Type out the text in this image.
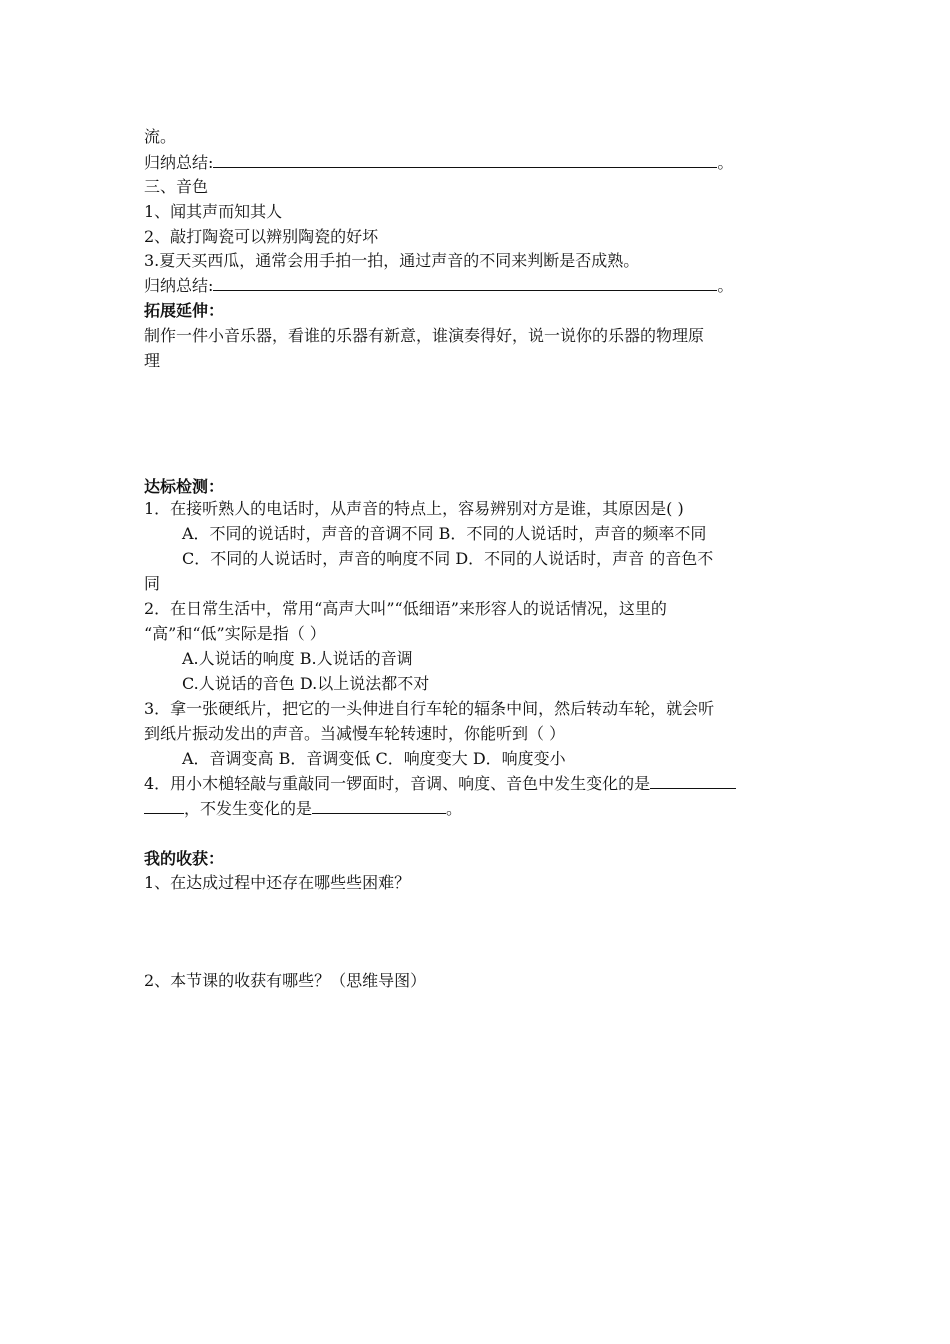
流。
归纳总结:	。
三、音色
1、闻其声而知其人
2、敲打陶瓷可以辨别陶瓷的好坏
3.夏天买西瓜，通常会用手拍一拍，通过声音的不同来判断是否成熟。
归纳总结:	。
拓展延伸：
制作一件小音乐器，看谁的乐器有新意，谁演奏得好，说一说你的乐器的物理原
理
达标检测：
1．在接听熟人的电话时，从声音的特点上，容易辨别对方是谁，其原因是( )
A．不同的说话时，声音的音调不同 B．不同的人说话时，声音的频率不同
C．不同的人说话时，声音的响度不同 D．不同的人说话时，声音 的音色不
同
2．在日常生活中，常用“高声大叫”“低细语”来形容人的说话情况，这里的
“高”和“低”实际是指（ ）
A.人说话的响度 B.人说话的音调
C.人说话的音色 D.以上说法都不对
3．拿一张硬纸片，把它的一头伸进自行车轮的辐条中间，然后转动车轮，就会听
到纸片振动发出的声音。当减慢车轮转速时，你能听到（ ）
A．音调变高 B．音调变低 C．响度变大 D．响度变小
4．用小木槌轻敲与重敲同一锣面时，音调、响度、音色中发生变化的是
，不发生变化的是	。
我的收获：
1、在达成过程中还存在哪些些困难？
2、本节课的收获有哪些？（思维导图）
